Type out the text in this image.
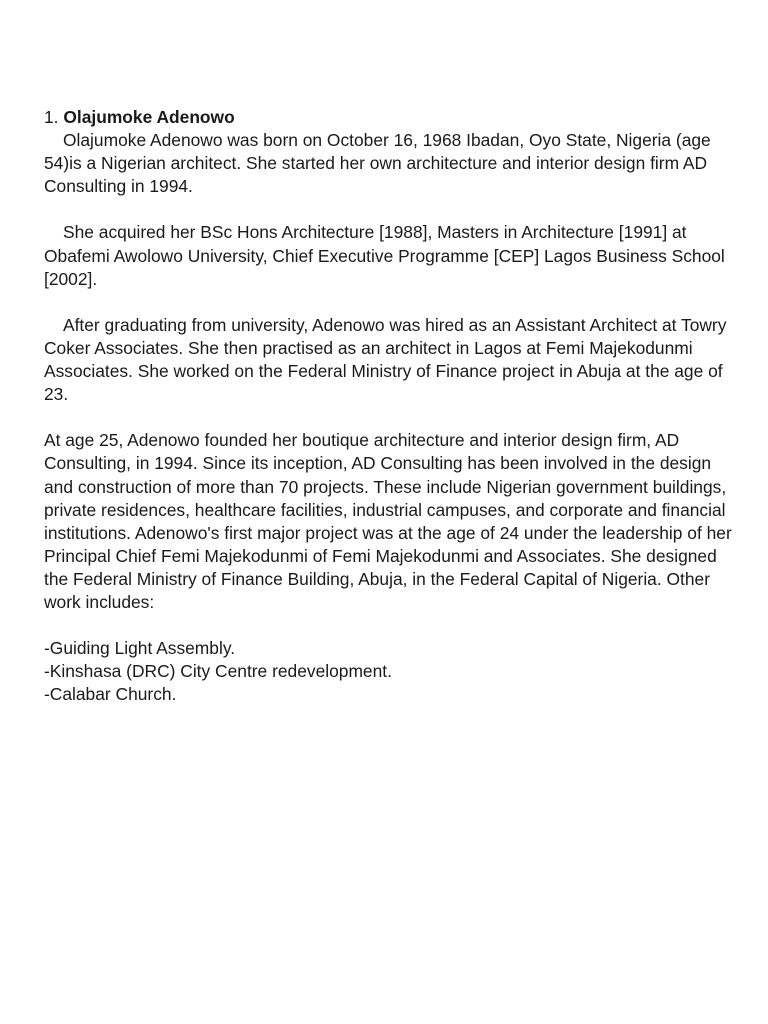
1. Olajumoke Adenowo

Olajumoke Adenowo was born on October 16, 1968 Ibadan, Oyo State, Nigeria (age 54)is a Nigerian architect. She started her own architecture and interior design firm AD Consulting in 1994.

She acquired her BSc Hons Architecture [1988], Masters in Architecture [1991] at Obafemi Awolowo University, Chief Executive Programme [CEP] Lagos Business School [2002].

After graduating from university, Adenowo was hired as an Assistant Architect at Towry Coker Associates. She then practised as an architect in Lagos at Femi Majekodunmi Associates. She worked on the Federal Ministry of Finance project in Abuja at the age of 23.

At age 25, Adenowo founded her boutique architecture and interior design firm, AD Consulting, in 1994. Since its inception, AD Consulting has been involved in the design and construction of more than 70 projects. These include Nigerian government buildings, private residences, healthcare facilities, industrial campuses, and corporate and financial institutions. Adenowo's first major project was at the age of 24 under the leadership of her Principal Chief Femi Majekodunmi of Femi Majekodunmi and Associates. She designed the Federal Ministry of Finance Building, Abuja, in the Federal Capital of Nigeria. Other work includes:

-Guiding Light Assembly.
-Kinshasa (DRC) City Centre redevelopment.
-Calabar Church.
